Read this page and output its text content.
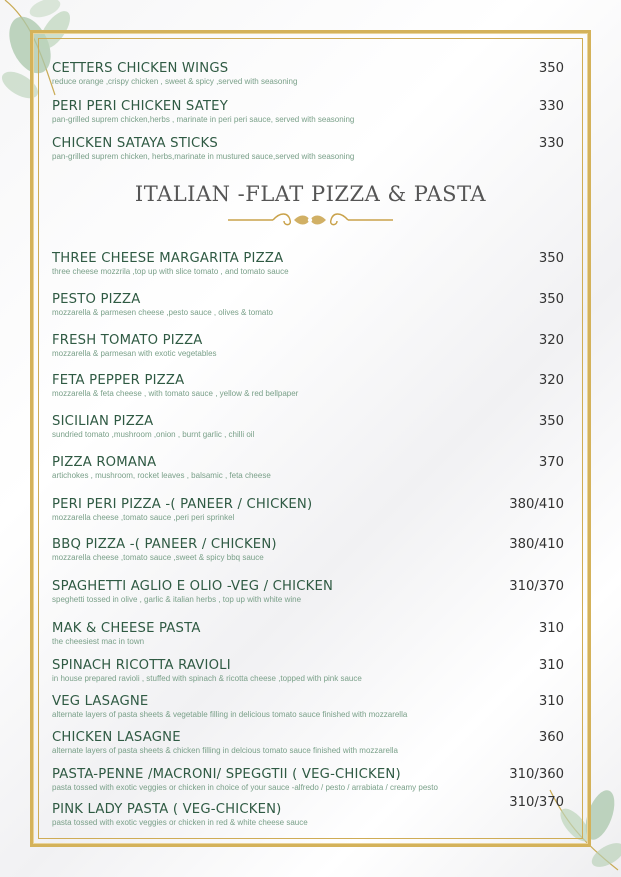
ITALIAN -FLAT PIZZA & PASTA
CETTERS CHICKEN WINGS
reduce orange ,crispy chicken , sweet & spicy ,served with seasoning
350
PERI PERI CHICKEN SATEY
pan-grilled suprem chicken,herbs , marinate in peri peri sauce, served with seasoning
330
CHICKEN SATAYA STICKS
pan-grilled suprem chicken, herbs,marinate in mustured sauce,served with seasoning
330
THREE CHEESE MARGARITA PIZZA
three cheese mozzrila ,top up with slice tomato , and tomato sauce
350
PESTO PIZZA
mozzarella & parmesen cheese ,pesto sauce , olives & tomato
350
FRESH TOMATO PIZZA
mozzarella & parmesan with exotic vegetables
320
FETA PEPPER PIZZA
mozzarella & feta cheese , with tomato sauce , yellow & red bellpaper
320
SICILIAN PIZZA
sundried tomato ,mushroom ,onion , burnt garlic , chilli oil
350
PIZZA ROMANA
artichokes , mushroom, rocket leaves , balsamic , feta cheese
370
PERI PERI PIZZA -( PANEER / CHICKEN)
mozzarella cheese ,tomato sauce ,peri peri sprinkel
380/410
BBQ PIZZA -( PANEER / CHICKEN)
mozzarella cheese ,tomato sauce ,sweet & spicy bbq sauce
380/410
SPAGHETTI AGLIO E OLIO -VEG / CHICKEN
speghetti tossed in olive , garlic & italian herbs , top up with white wine
310/370
MAK & CHEESE PASTA
the cheesiest mac in town
310
SPINACH RICOTTA RAVIOLI
in house prepared ravioli , stuffed with spinach & ricotta cheese ,topped with pink sauce
310
VEG LASAGNE
alternate layers of pasta sheets & vegetable filling in delicious tomato sauce finished with mozzarella
310
CHICKEN LASAGNE
alternate layers of pasta sheets & chicken filling in delcious tomato sauce finished with mozzarella
360
PASTA-PENNE /MACRONI/ SPEGGTII ( VEG-CHICKEN)
pasta tossed with exotic veggies or chicken in choice of your sauce -alfredo / pesto / arrabiata / creamy pesto
310/360
PINK LADY PASTA ( VEG-CHICKEN)
pasta tossed with exotic veggies or chicken in red & white cheese sauce
310/370
